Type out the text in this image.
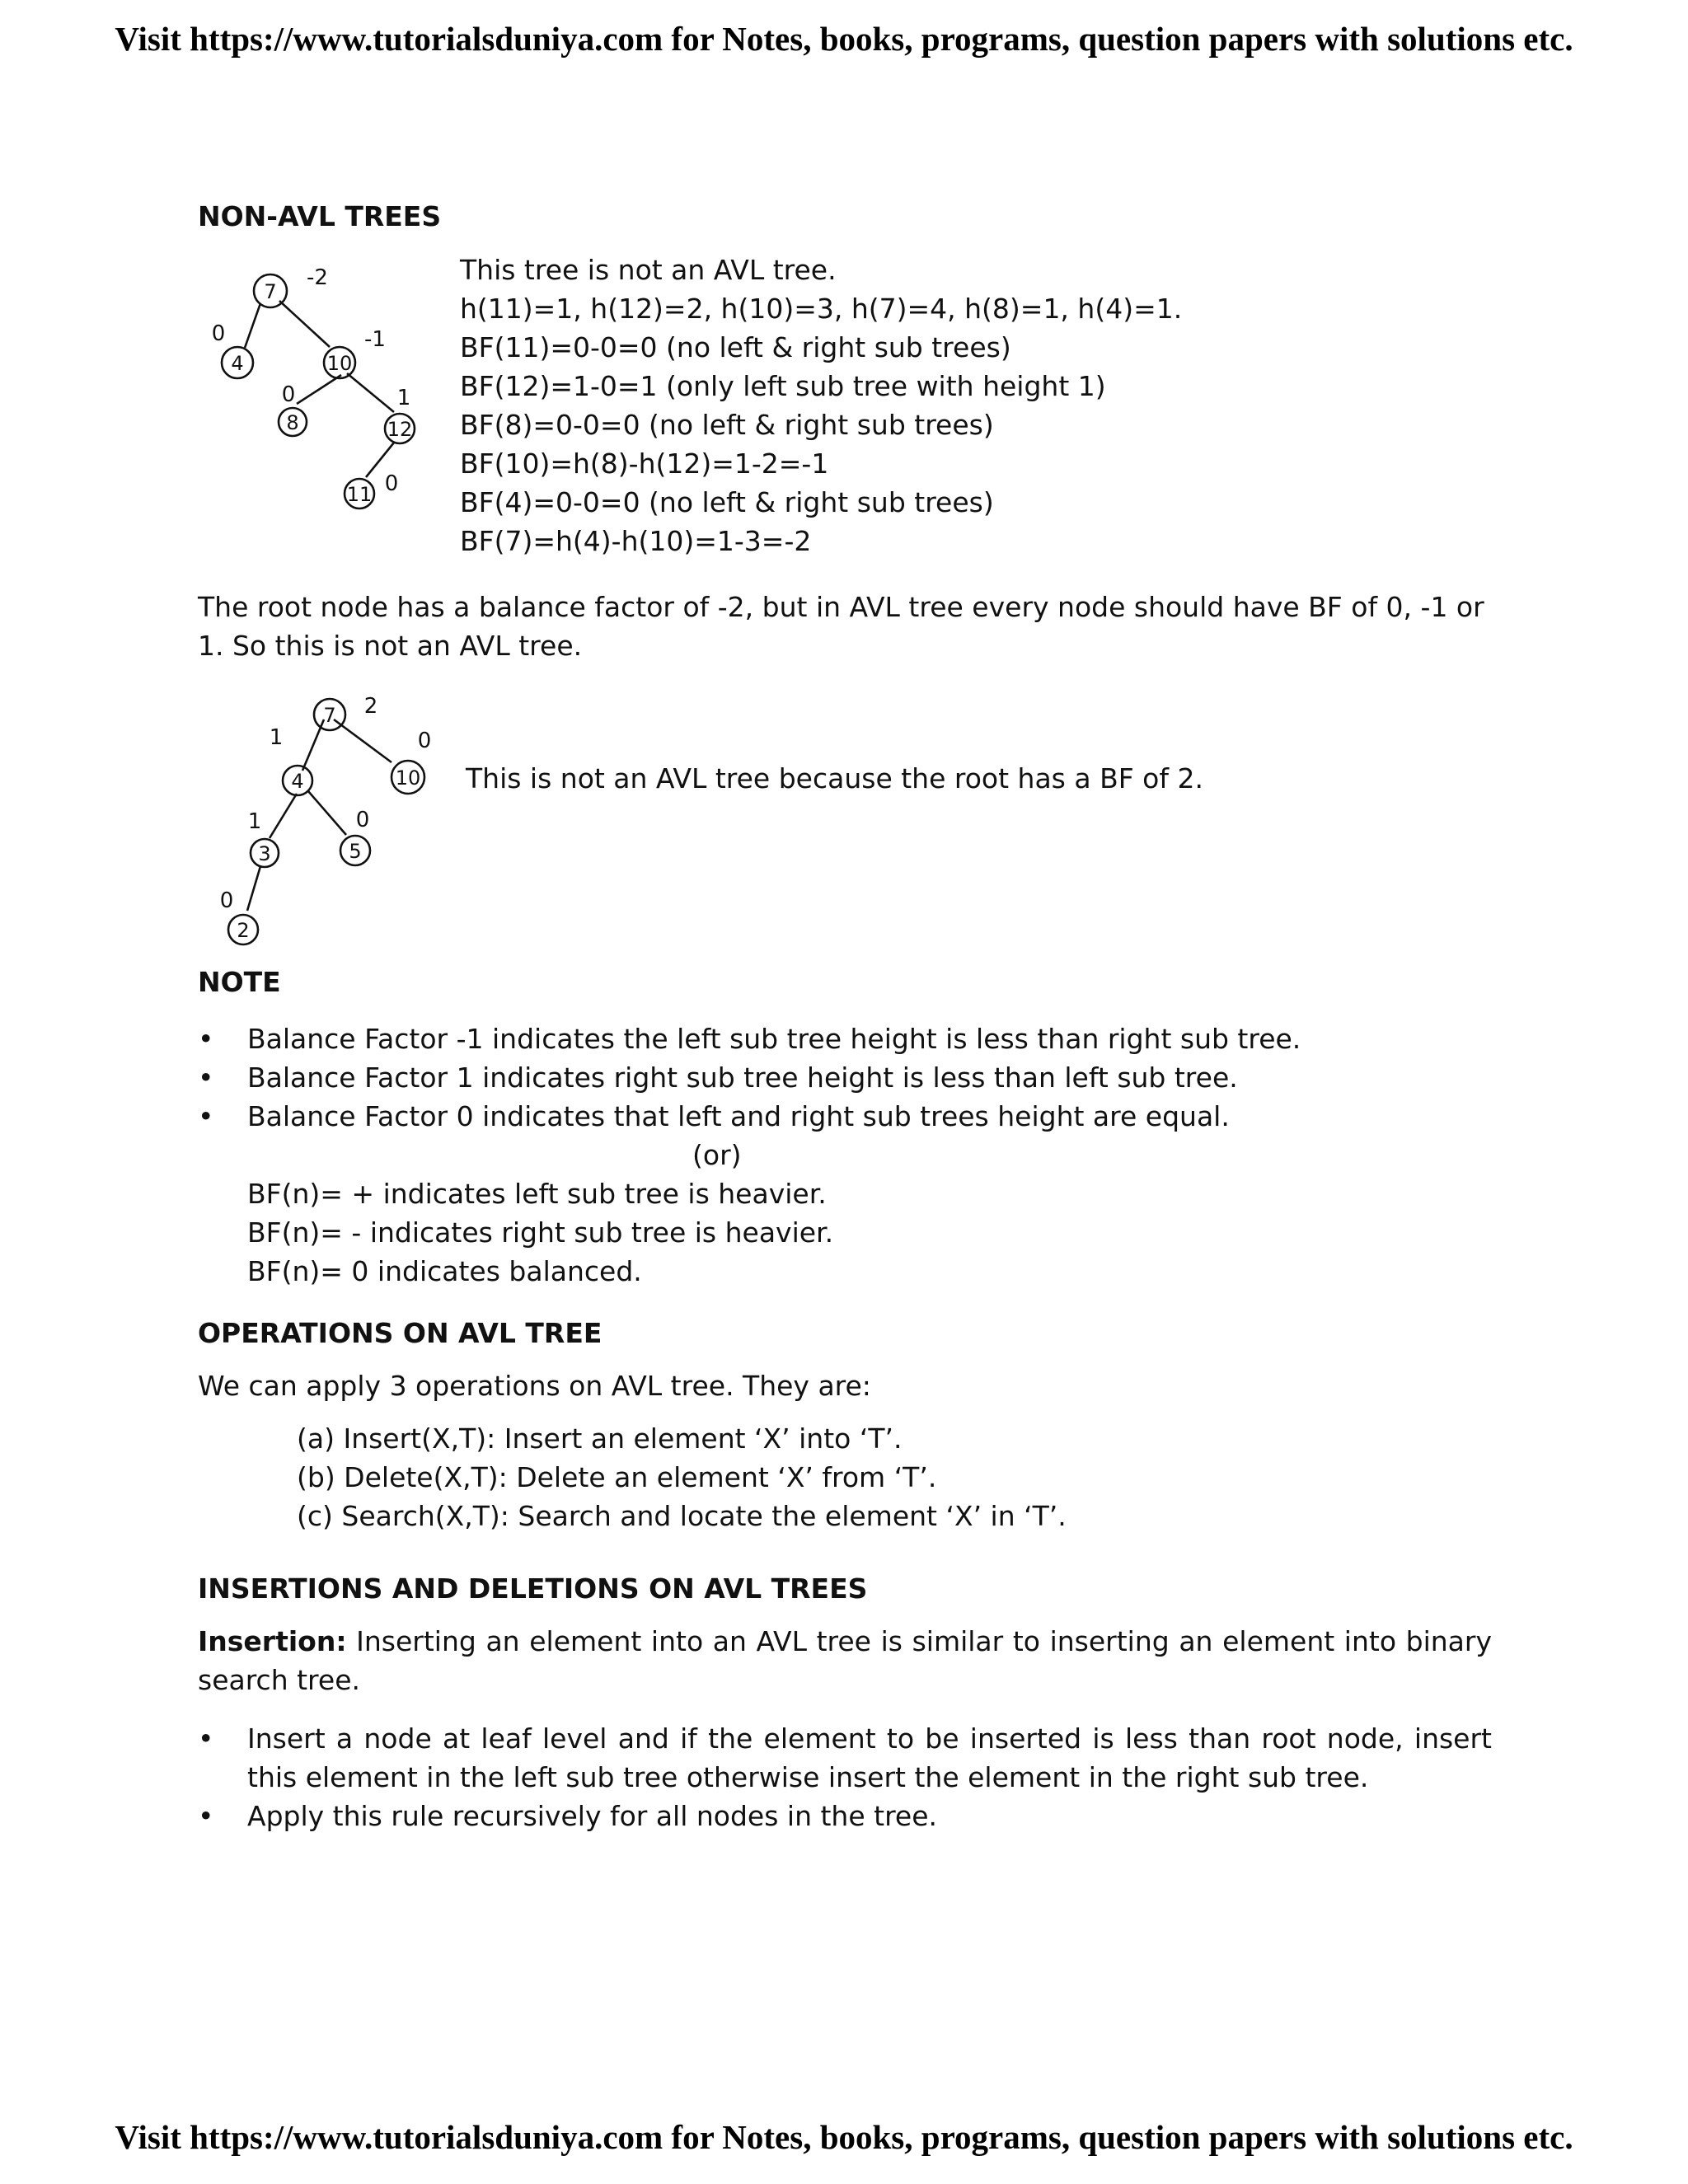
Visit https://www.tutorialsduniya.com for Notes, books, programs, question papers with solutions etc.
NON-AVL TREES
7
4	10
8	12
11
-2
0	-1
0	1
0
This tree is not an AVL tree.
h(11)=1, h(12)=2, h(10)=3, h(7)=4, h(8)=1, h(4)=1.
BF(11)=0-0=0 (no left & right sub trees)
BF(12)=1-0=1 (only left sub tree with height 1)
BF(8)=0-0=0 (no left & right sub trees)
BF(10)=h(8)-h(12)=1-2=-1
BF(4)=0-0=0 (no left & right sub trees)
BF(7)=h(4)-h(10)=1-3=-2
The root node has a balance factor of -2, but in AVL tree every node should have BF of 0, -1 or 1. So this is not an AVL tree.
7
4	10
3	5
2
2
1	0
1	0
0
This is not an AVL tree because the root has a BF of 2.
NOTE
• Balance Factor -1 indicates the left sub tree height is less than right sub tree.
• Balance Factor 1 indicates right sub tree height is less than left sub tree.
• Balance Factor 0 indicates that left and right sub trees height are equal.
(or)
BF(n)= + indicates left sub tree is heavier.
BF(n)= - indicates right sub tree is heavier.
BF(n)= 0 indicates balanced.
OPERATIONS ON AVL TREE
We can apply 3 operations on AVL tree. They are:
(a) Insert(X,T): Insert an element ‘X’ into ‘T’.
(b) Delete(X,T): Delete an element ‘X’ from ‘T’.
(c) Search(X,T): Search and locate the element ‘X’ in ‘T’.
INSERTIONS AND DELETIONS ON AVL TREES
Insertion: Inserting an element into an AVL tree is similar to inserting an element into binary search tree.
• Insert a node at leaf level and if the element to be inserted is less than root node, insert this element in the left sub tree otherwise insert the element in the right sub tree.
• Apply this rule recursively for all nodes in the tree.
Visit https://www.tutorialsduniya.com for Notes, books, programs, question papers with solutions etc.
